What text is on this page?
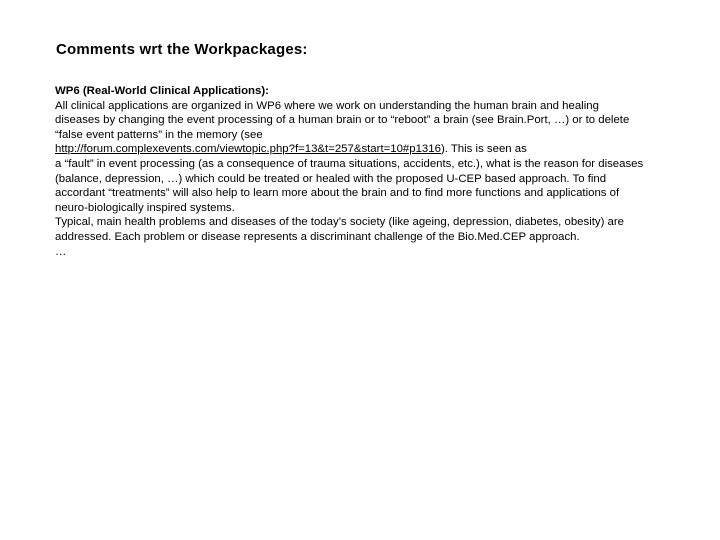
Comments wrt the Workpackages:
WP6 (Real-World Clinical Applications):
All clinical applications are organized in WP6 where we work on understanding the human brain and healing
diseases by changing the event processing of a human brain or to “reboot” a brain (see Brain.Port, …) or to delete
“false event patterns” in the memory (see
http://forum.complexevents.com/viewtopic.php?f=13&t=257&start=10#p1316). This is seen as
a “fault” in event processing (as a consequence of trauma situations, accidents, etc.), what is the reason for diseases
(balance, depression, …) which could be treated or healed with the proposed U-CEP based approach. To find
accordant “treatments” will also help to learn more about the brain and to find more functions and applications of
neuro-biologically inspired systems.
Typical, main health problems and diseases of the today’s society (like ageing, depression, diabetes, obesity) are
addressed. Each problem or disease represents a discriminant challenge of the Bio.Med.CEP approach.
…
